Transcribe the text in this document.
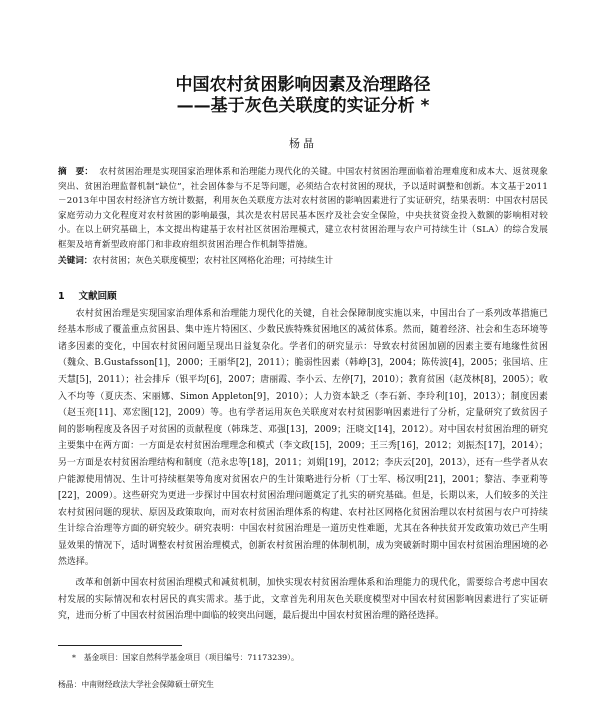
中国农村贫困影响因素及治理路径
——基于灰色关联度的实证分析 *
杨晶
摘　要： 农村贫困治理是实现国家治理体系和治理能力现代化的关键。中国农村贫困治理面临着治理难度和成本大、返贫现象突出、贫困治理监督机制“缺位”，社会固体参与不足等问题，必须结合农村贫困的现状，予以适时调整和创新。本文基于2011－2013年中国农村经济官方统计数据，利用灰色关联度方法对农村贫困的影响因素进行了实证研究，结果表明：中国农村居民家庭劳动力文化程度对农村贫困的影响最强，其次是农村居民基本医疗及社会安全保险，中央扶贫资金投入数额的影响相对较小。在以上研究基础上，本文提出构建基于农村社区贫困治理模式，建立农村贫困治理与农户可持续生计（SLA）的综合发展框架及培育新型政府部门和非政府组织贫困治理合作机制等措施。
关键词：农村贫困；灰色关联度模型；农村社区网格化治理；可持续生计
1 文献回顾

农村贫困治理是实现国家治理体系和治理能力现代化的关键，自社会保障制度实施以来，中国出台了一系列改革措施已经基本形成了覆盖重点贫困县、集中连片特困区、少数民族特殊贫困地区的减贫体系。然而，随着经济、社会和生态环境等诸多因素的变化，中国农村贫困问题呈现出日益复杂化。学者们的研究显示：导致农村贫困加剧的因素主要有地缘性贫困（魏众、B.Gustafsson[1]，2000；王丽华[2]，2011）；脆弱性因素（韩峥[3]，2004；陈传波[4]，2005；张国培、庄天慧[5]，2011）；社会排斥（银平均[6]，2007；唐丽霞、李小云、左停[7]，2010）；教育贫困（赵茂林[8]，2005）；收入不均等（夏庆杰、宋丽娜、Simon Appleton[9]，2010）；人力资本缺乏（李石新、李玲利[10]，2013）；制度因素（赵玉亮[11]、邓宏图[12]，2009）等。也有学者运用灰色关联度对农村贫困影响因素进行了分析，定量研究了致贫因子间的影响程度及各因子对贫困的贡献程度（韩珠芝、邓强[13]，2009；汪晓文[14]，2012）。对中国农村贫困治理的研究主要集中在两方面：一方面是农村贫困治理理念和模式（李文政[15]，2009；王三秀[16]，2012；刘振杰[17]，2014）；另一方面是农村贫困治理结构和制度（范永忠等[18]，2011；刘娟[19]，2012；李庆云[20]，2013），还有一些学者从农户能源使用情况、生计可持续框架等角度对贫困农户的生计策略进行分析（丁士军、杨汉明[21]，2001；黎洁、李亚莉等[22]，2009）。这些研究为更进一步探讨中国农村贫困治理问题奠定了扎实的研究基础。但是，长期以来，人们较多的关注农村贫困问题的现状、原因及政策取向，而对农村贫困治理体系的构建、农村社区网格化贫困治理以农村贫困与农户可持续生计综合治理等方面的研究较少。研究表明：中国农村贫困治理是一道历史性难题，尤其在各种扶贫开发政策功效已产生明显效果的情况下，适时调整农村贫困治理模式，创新农村贫困治理的体制机制，成为突破新时期中国农村贫困治理困境的必然选择。

改革和创新中国农村贫困治理模式和减贫机制，加快实现农村贫困治理体系和治理能力的现代化，需要综合考虑中国农村发展的实际情况和农村居民的真实需求。基于此，文章首先利用灰色关联度模型对中国农村贫困影响因素进行了实证研究，进而分析了中国农村贫困治理中面临的较突出问题，最后提出中国农村贫困治理的路径选择。

*　基金项目：国家自然科学基金项目（项目编号：71173239）。
杨晶：中南财经政法大学社会保障硕士研究生
